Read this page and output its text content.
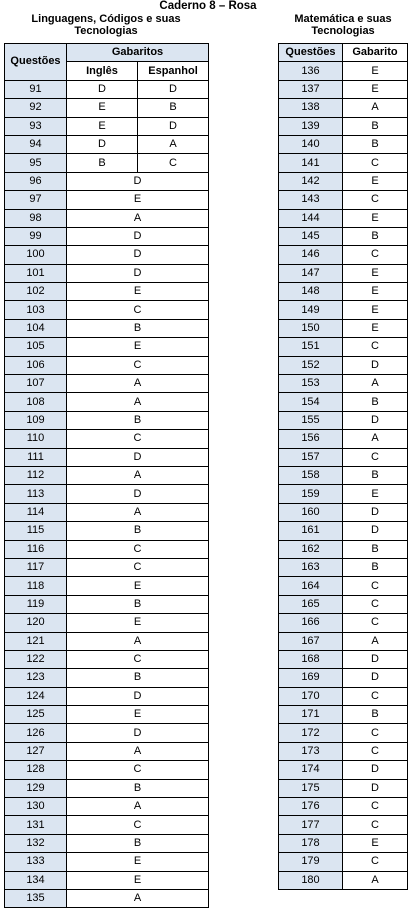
Caderno 8 – Rosa
Linguagens, Códigos e suas Tecnologias
Matemática e suas Tecnologias
Questões	Gabaritos	
	Inglês	Espanhol
91	D	D
92	E	B
93	E	D
94	D	A
95	B	C
96	D	
97	E	
98	A	
99	D	
100	D	
101	D	
102	E	
103	C	
104	B	
105	E	
106	C	
107	A	
108	A	
109	B	
110	C	
111	D	
112	A	
113	D	
114	A	
115	B	
116	C	
117	C	
118	E	
119	B	
120	E	
121	A	
122	C	
123	B	
124	D	
125	E	
126	D	
127	A	
128	C	
129	B	
130	A	
131	C	
132	B	
133	E	
134	E	
135	A	
Questões	Gabarito
136	E
137	E
138	A
139	B
140	B
141	C
142	E
143	C
144	E
145	B
146	C
147	E
148	E
149	E
150	E
151	C
152	D
153	A
154	B
155	D
156	A
157	C
158	B
159	E
160	D
161	D
162	B
163	B
164	C
165	C
166	C
167	A
168	D
169	D
170	C
171	B
172	C
173	C
174	D
175	D
176	C
177	C
178	E
179	C
180	A
